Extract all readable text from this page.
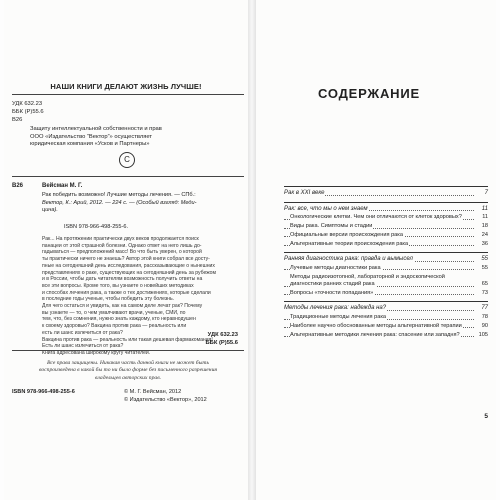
НАШИ КНИГИ ДЕЛАЮТ ЖИЗНЬ ЛУЧШЕ!
УДК 632.23
ББК (Р)55.6
В26
Защиту интеллектуальной собственности и прав
ООО «Издательство “Вектор”» осуществляет
юридическая компания «Усков и Партнеры»
С
В26	Вейсман М. Г.
Рак победить возможно! Лучшие методы лечения. — СПб.:
Вектор, К.: Арий, 2012. — 224 с. — (Особый взгляд: Меди-
цина).
ISBN 978-966-498-255-6.
Рак... На протяжении практически двух веков продолжается поиск
панацеи от этой страшной болезни. Однако ответ на него лишь до-
гадываться — предположений масс! Во что быть уверен, о которой
ты практически ничего не знаешь? Автор этой книги собрал все досту-
пные на сегодняшний день исследования, рассказывающие о нынешних
представлениях о раке, существующих на сегодняшний день за рубежом
и в России, чтобы дать читателям возможность получить ответы на
все эти вопросы. Кроме того, вы узнаете о новейших методиках
и способах лечения рака, а также о тех достижениях, которые сделали
в последние годы ученые, чтобы победить эту болезнь.
Для чего остаться и увидеть, как на самом деле лечат рак? Почему
вы узнаете — то, о чем умалчивают врачи, ученые, СМИ, по
тем, что, без сомнения, нужно знать каждому, кто неравнодушен
к своему здоровью? Вакцина против рака — реальность или
есть ли шанс излечиться от рака?
Вакцина против рака — реальность или такая дешевая фармакомания!
Есть ли шанс излечиться от рака?
Книга адресована широкому кругу читателей.
УДК 632.23
ББК (Р)55.6
Все права защищены. Никакая часть данной книги не может быть
воспроизведена в какой бы то ни было форме без письменного разрешения
владельцев авторских прав.
ISBN 978-966-498-255-6	© М. Г. Вейсман, 2012
© Издательство «Вектор», 2012
СОДЕРЖАНИЕ
Рак в XXI веке	7
Рак: все, что мы о нем знаем	11
Онкологические клетки. Чем они отличаются от клеток здоровых?	11
Виды рака. Симптомы и стадии	18
Официальные версии происхождения рака	24
Альтернативные теории происхождения рака	36
Ранняя диагностика рака: правда и вымысел	55
Лучевые методы диагностики рака	55
Методы радиоизотопной, лабораторной и эндоскопической диагностики ранних стадий рака	65
Вопросы «точности попадания»	73
Методы лечения рака: надежда на?	77
Традиционные методы лечения рака	78
Наиболее научно обоснованные методы альтернативной терапии	90
Альтернативные методики лечения рака: спасение или западня?	105
5
